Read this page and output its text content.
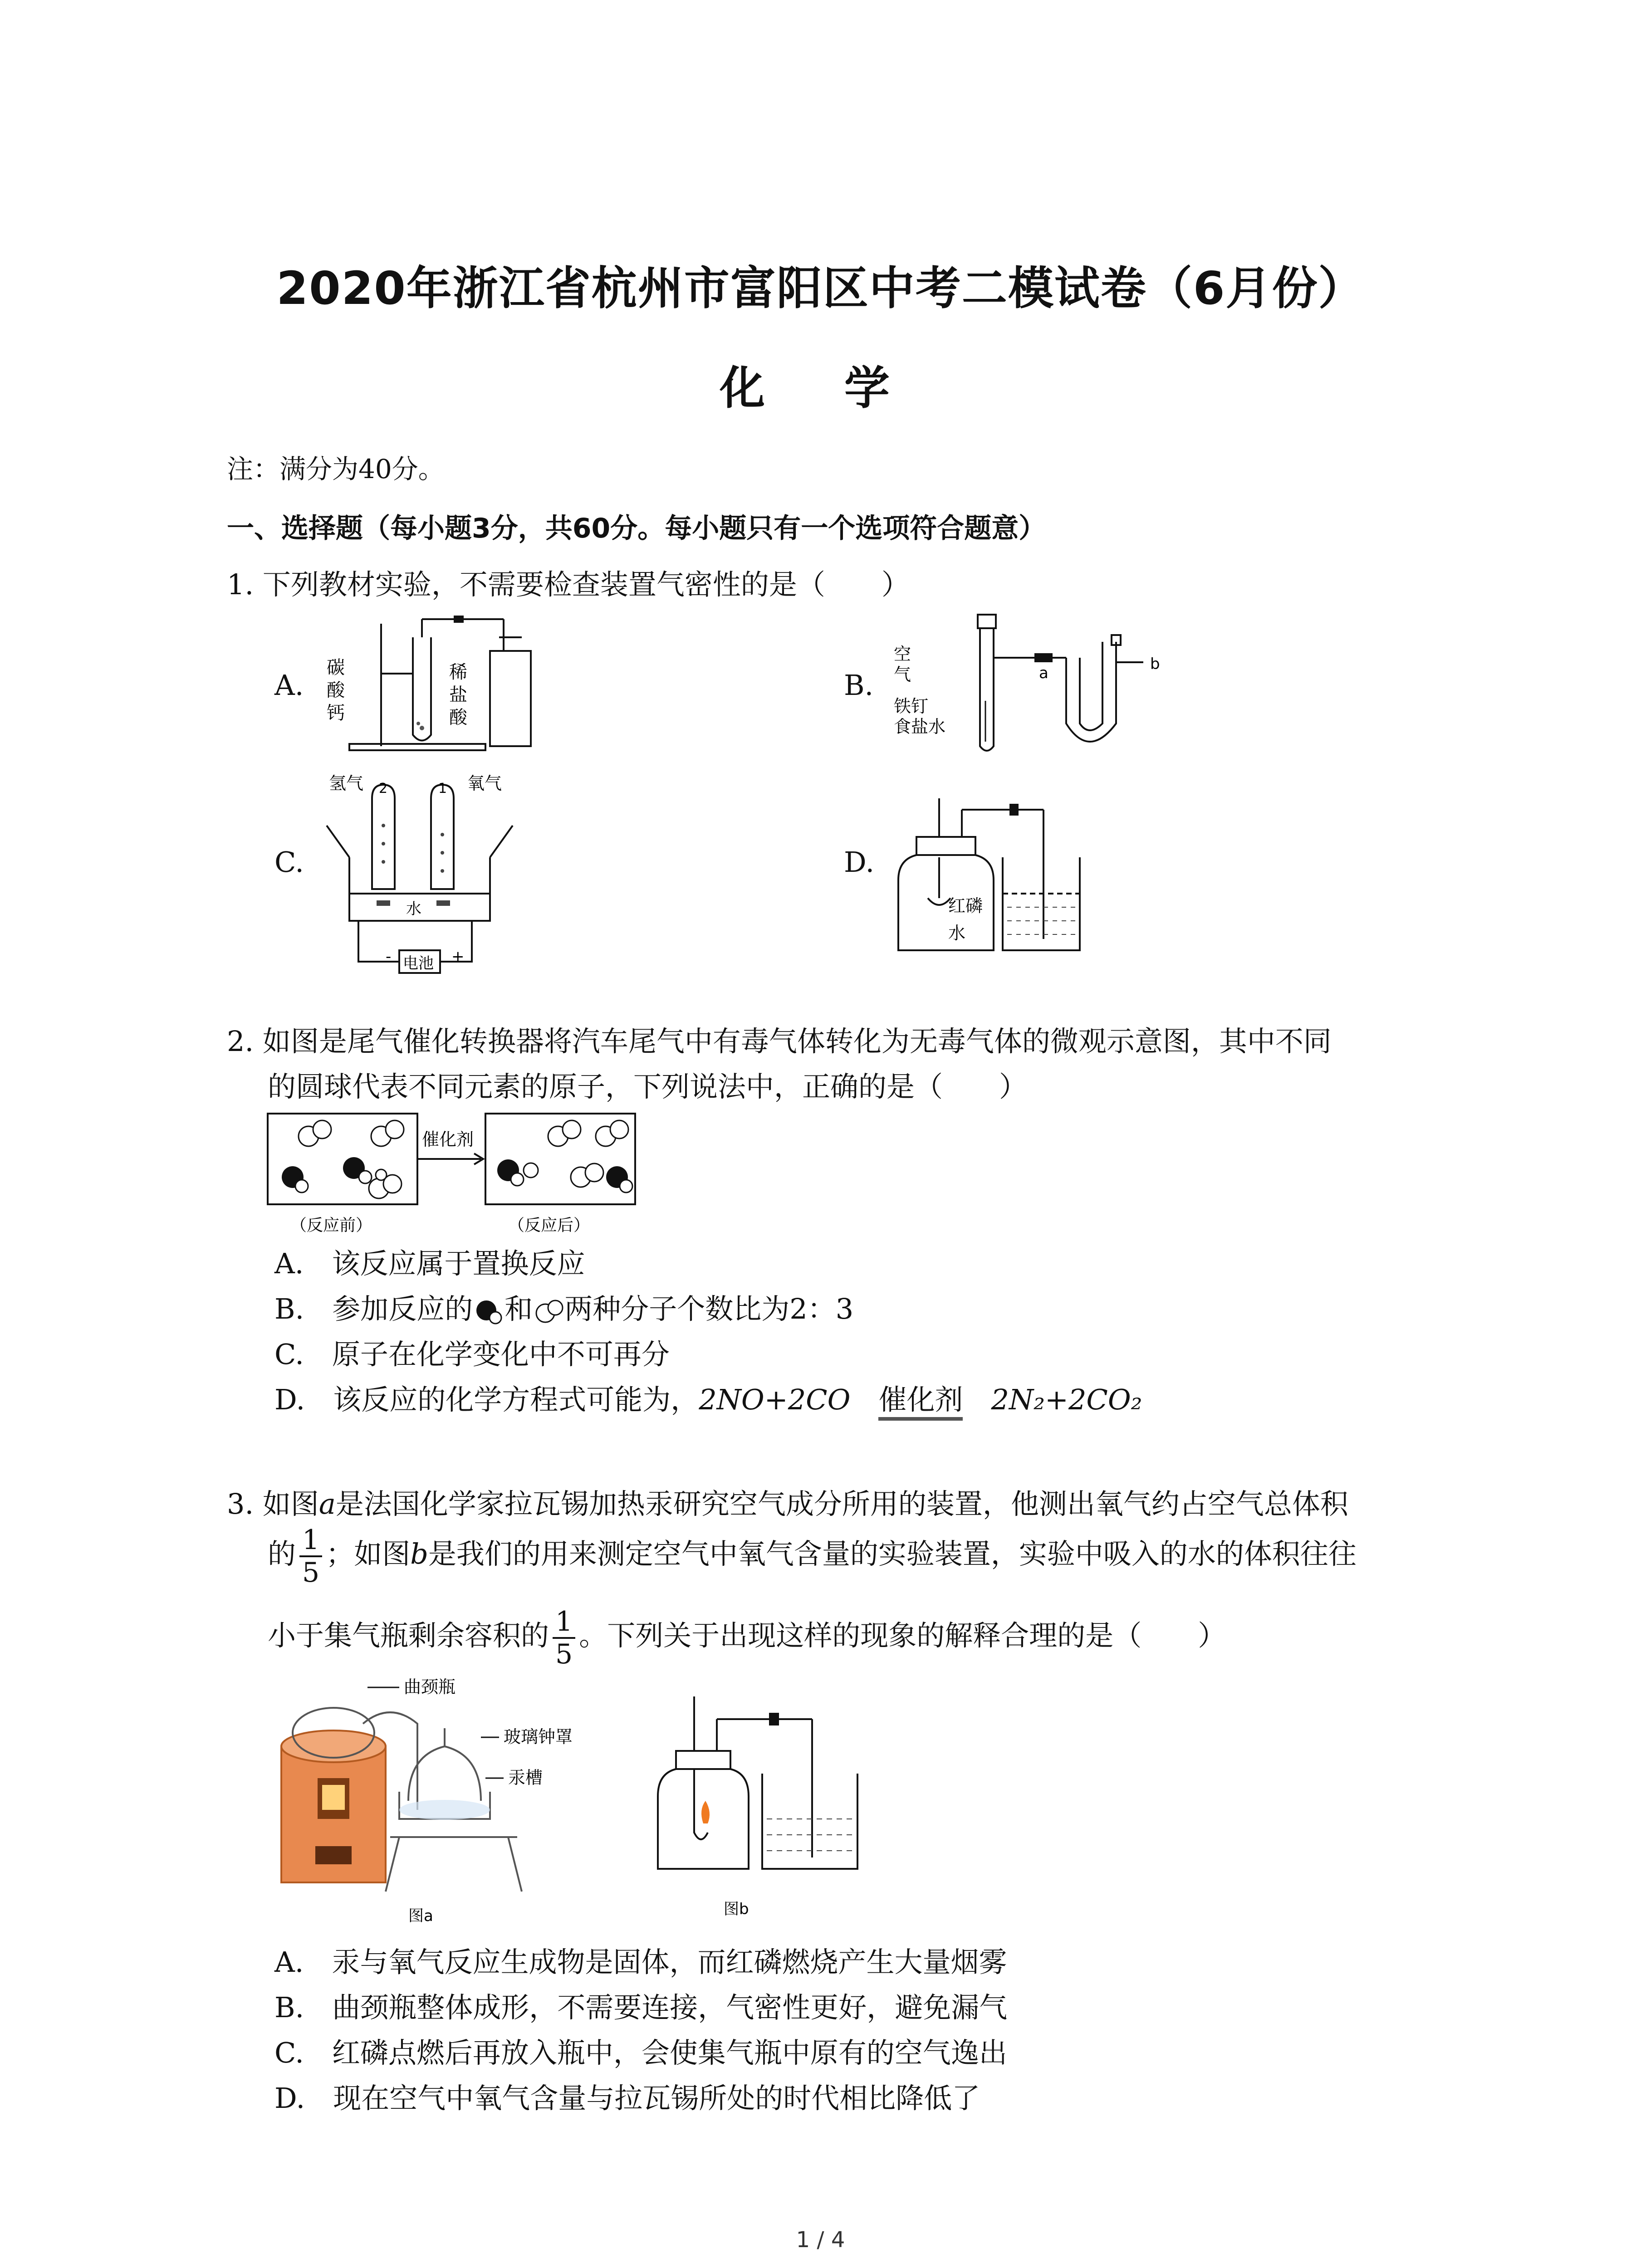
2020年浙江省杭州市富阳区中考二模试卷（6月份）
化 学
注：满分为40分。
一、选择题（每小题3分，共60分。每小题只有一个选项符合题意）
1. 下列教材实验，不需要检查装置气密性的是（　　）
A.	B.
C.	D.
碳
酸
钙
稀
盐
酸
空
气
铁钉
食盐水
a	b
氢气	氧气
2	1
水
电池
-	+
红磷
水
2. 如图是尾气催化转换器将汽车尾气中有毒气体转化为无毒气体的微观示意图，其中不同
的圆球代表不同元素的原子，下列说法中，正确的是（　　）
催化剂
（反应前）	（反应后）
A.　该反应属于置换反应
B.　参加反应的 和 两种分子个数比为2：3
C.　原子在化学变化中不可再分
D.　该反应的化学方程式可能为，2NO+2CO　 催化剂　 2N₂+2CO₂
3. 如图a是法国化学家拉瓦锡加热汞研究空气成分所用的装置，他测出氧气约占空气总体积
的 $\frac{1}{5}$ ；如图b是我们的用来测定空气中氧气含量的实验装置，实验中吸入的水的体积往往
小于集气瓶剩余容积的 $\frac{1}{5}$ 。下列关于出现这样的现象的解释合理的是（　　）
曲颈瓶
玻璃钟罩
汞槽
图a	图b
A.　汞与氧气反应生成物是固体，而红磷燃烧产生大量烟雾
B.　曲颈瓶整体成形，不需要连接，气密性更好，避免漏气
C.　红磷点燃后再放入瓶中，会使集气瓶中原有的空气逸出
D.　现在空气中氧气含量与拉瓦锡所处的时代相比降低了
1 / 4
